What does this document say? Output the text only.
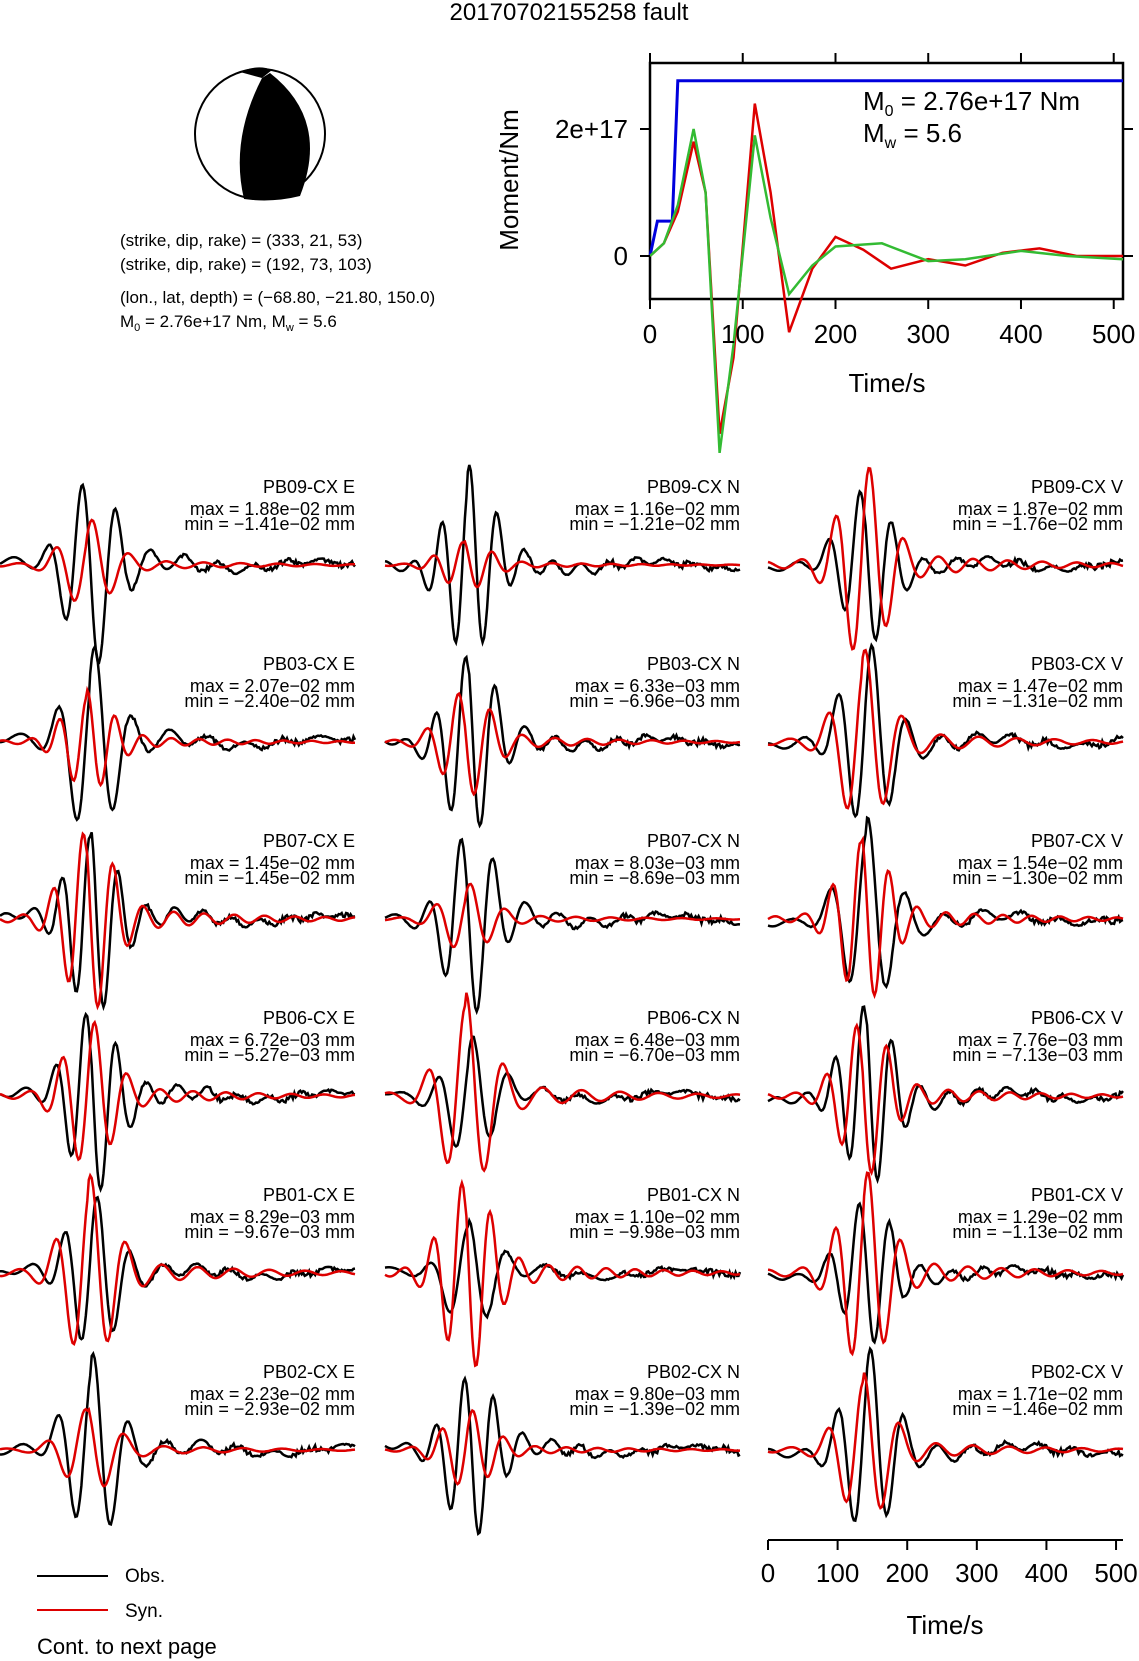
20170702155258 fault
(strike, dip, rake) = (333, 21, 53)
(strike, dip, rake) = (192, 73, 103)
(lon., lat, depth) = (−68.80, −21.80, 150.0)
$M_0 = 2.76e+17$ Nm, $M_w = 5.6$	0 100 200 300 400 500
0
2e+17
Moment/Nm
Time/s
$M_0 = 2.76e+17$ Nm
$M_w = 5.6$
PB09-CX E
max = 1.88e−02 mm
min = −1.41e−02 mm
PB09-CX N
max = 1.16e−02 mm
min = −1.21e−02 mm
PB09-CX V
max = 1.87e−02 mm
min = −1.76e−02 mm
PB03-CX E
max = 2.07e−02 mm
min = −2.40e−02 mm
PB03-CX N
max = 6.33e−03 mm
min = −6.96e−03 mm
PB03-CX V
max = 1.47e−02 mm
min = −1.31e−02 mm
PB07-CX E
max = 1.45e−02 mm
min = −1.45e−02 mm
PB07-CX N
max = 8.03e−03 mm
min = −8.69e−03 mm
PB07-CX V
max = 1.54e−02 mm
min = −1.30e−02 mm
PB06-CX E
max = 6.72e−03 mm
min = −5.27e−03 mm
PB06-CX N
max = 6.48e−03 mm
min = −6.70e−03 mm
PB06-CX V
max = 7.76e−03 mm
min = −7.13e−03 mm
PB01-CX E
max = 8.29e−03 mm
min = −9.67e−03 mm
PB01-CX N
max = 1.10e−02 mm
min = −9.98e−03 mm
PB01-CX V
max = 1.29e−02 mm
min = −1.13e−02 mm
PB02-CX E
max = 2.23e−02 mm
min = −2.93e−02 mm
PB02-CX N
max = 9.80e−03 mm
min = −1.39e−02 mm
PB02-CX V
max = 1.71e−02 mm
min = −1.46e−02 mm
0 100 200 300 400 500
Time/s
Obs.
Syn.
Cont. to next page
